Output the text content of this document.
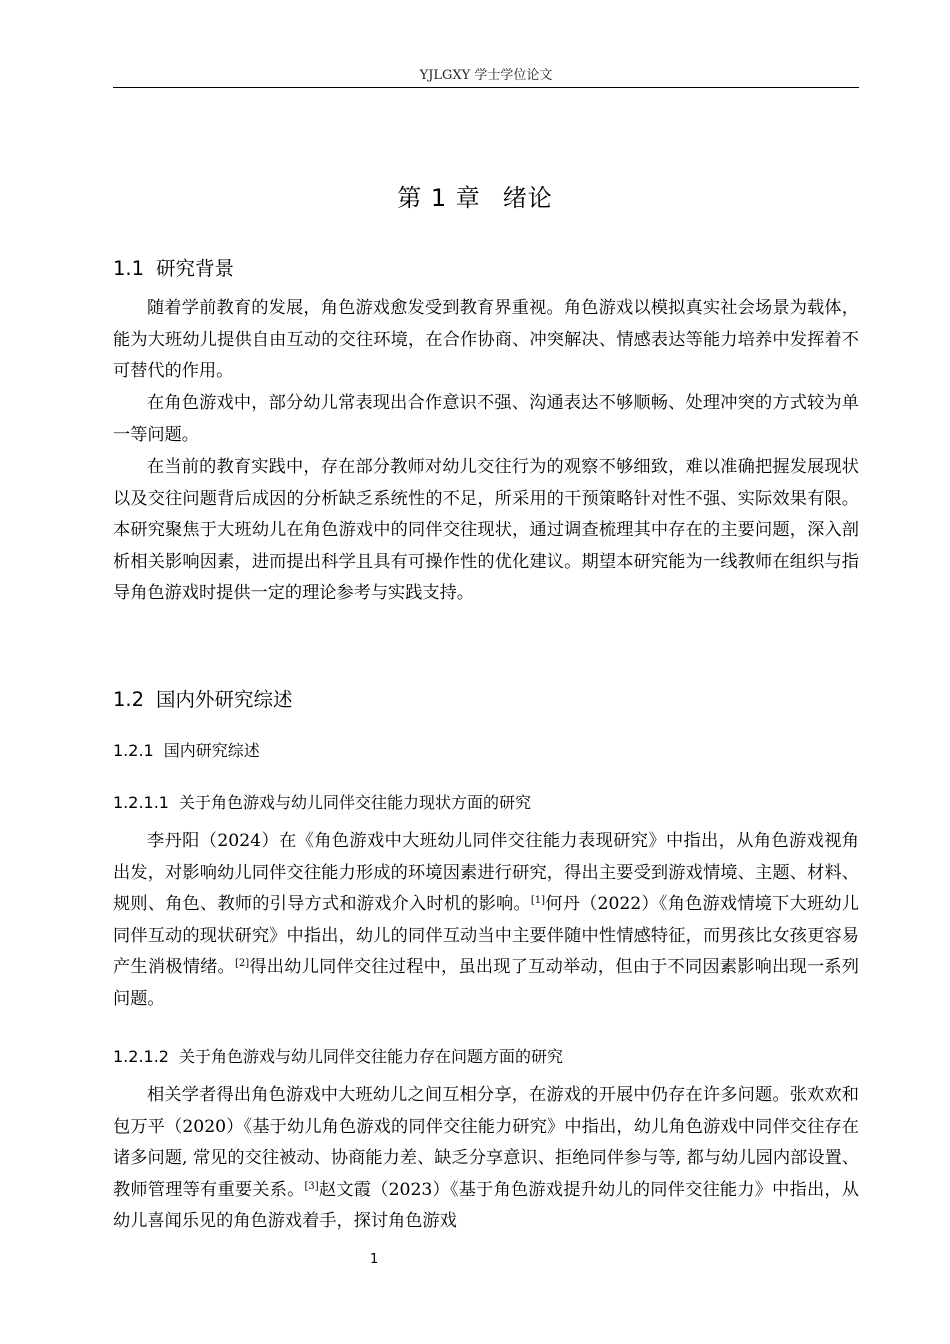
YJLGXY 学士学位论文
第 1 章 绪论
1.1 研究背景

随着学前教育的发展，角色游戏愈发受到教育界重视。角色游戏以模拟真实社会场景为载体，能为大班幼儿提供自由互动的交往环境，在合作协商、冲突解决、情感表达等能力培养中发挥着不可替代的作用。

在角色游戏中，部分幼儿常表现出合作意识不强、沟通表达不够顺畅、处理冲突的方式较为单一等问题。

在当前的教育实践中，存在部分教师对幼儿交往行为的观察不够细致，难以准确把握发展现状以及交往问题背后成因的分析缺乏系统性的不足，所采用的干预策略针对性不强、实际效果有限。本研究聚焦于大班幼儿在角色游戏中的同伴交往现状，通过调查梳理其中存在的主要问题，深入剖析相关影响因素，进而提出科学且具有可操作性的优化建议。期望本研究能为一线教师在组织与指导角色游戏时提供一定的理论参考与实践支持。

1.2 国内外研究综述
1.2.1 国内研究综述
1.2.1.1 关于角色游戏与幼儿同伴交往能力现状方面的研究

李丹阳（2024）在《角色游戏中大班幼儿同伴交往能力表现研究》中指出，从角色游戏视角出发，对影响幼儿同伴交往能力形成的环境因素进行研究，得出主要受到游戏情境、主题、材料、规则、角色、教师的引导方式和游戏介入时机的影响。[1]何丹（2022）《角色游戏情境下大班幼儿同伴互动的现状研究》中指出，幼儿的同伴互动当中主要伴随中性情感特征，而男孩比女孩更容易产生消极情绪。[2]得出幼儿同伴交往过程中，虽出现了互动举动，但由于不同因素影响出现一系列问题。

1.2.1.2 关于角色游戏与幼儿同伴交往能力存在问题方面的研究

相关学者得出角色游戏中大班幼儿之间互相分享，在游戏的开展中仍存在许多问题。张欢欢和包万平（2020）《基于幼儿角色游戏的同伴交往能力研究》中指出，幼儿角色游戏中同伴交往存在诸多问题, 常见的交往被动、协商能力差、缺乏分享意识、拒绝同伴参与等, 都与幼儿园内部设置、教师管理等有重要关系。[3]赵文霞（2023）《基于角色游戏提升幼儿的同伴交往能力》中指出，从幼儿喜闻乐见的角色游戏着手，探讨角色游戏

1
